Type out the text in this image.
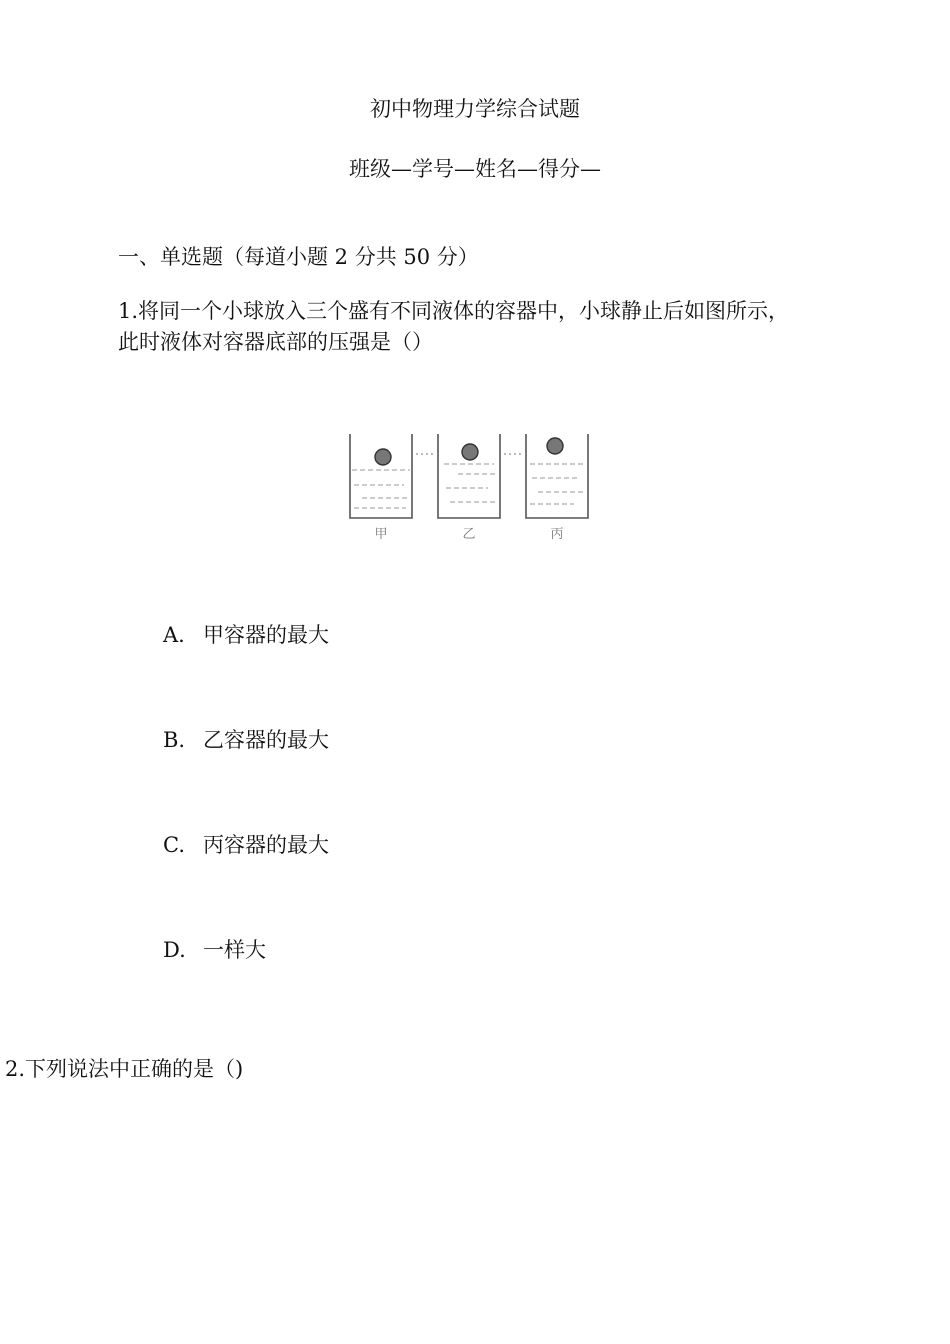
初中物理力学综合试题
班级—学号—姓名—得分—
一、单选题（每道小题 2 分共 50 分）
1.将同一个小球放入三个盛有不同液体的容器中，小球静止后如图所示，
此时液体对容器底部的压强是（）
甲	乙	丙
A. 甲容器的最大
B. 乙容器的最大
C. 丙容器的最大
D. 一样大
2.下列说法中正确的是（)
